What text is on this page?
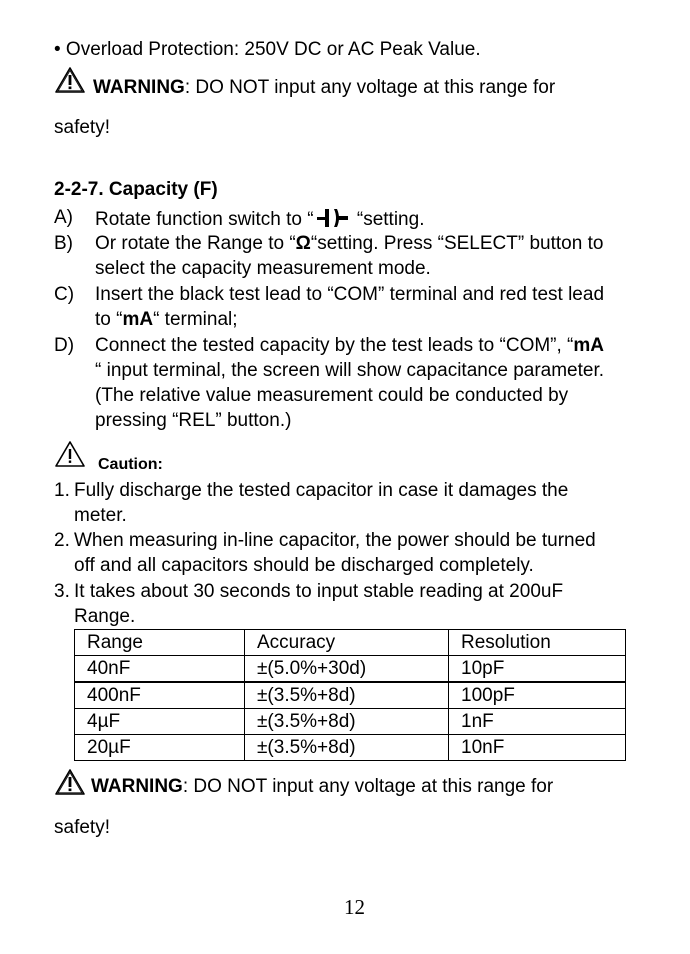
• Overload Protection: 250V DC or AC Peak Value.
WARNING: DO NOT input any voltage at this range for
safety!
2-2-7. Capacity (F)
A) Rotate function switch to “ “setting.
B) Or rotate the Range to “Ω“setting. Press “SELECT” button to
select the capacity measurement mode.
C) Insert the black test lead to “COM” terminal and red test lead
to “mA“ terminal;
D) Connect the tested capacity by the test leads to “COM”, “mA
“ input terminal, the screen will show capacitance parameter.
(The relative value measurement could be conducted by
pressing “REL” button.)
Caution:
1. Fully discharge the tested capacitor in case it damages the
meter.
2. When measuring in-line capacitor, the power should be turned
off and all capacitors should be discharged completely.
3. It takes about 30 seconds to input stable reading at 200uF
Range.
Range	Accuracy	Resolution
40nF	±(5.0%+30d)	10pF
400nF	±(3.5%+8d)	100pF
4µF	±(3.5%+8d)	1nF
20µF	±(3.5%+8d)	10nF
WARNING: DO NOT input any voltage at this range for
safety!
12
